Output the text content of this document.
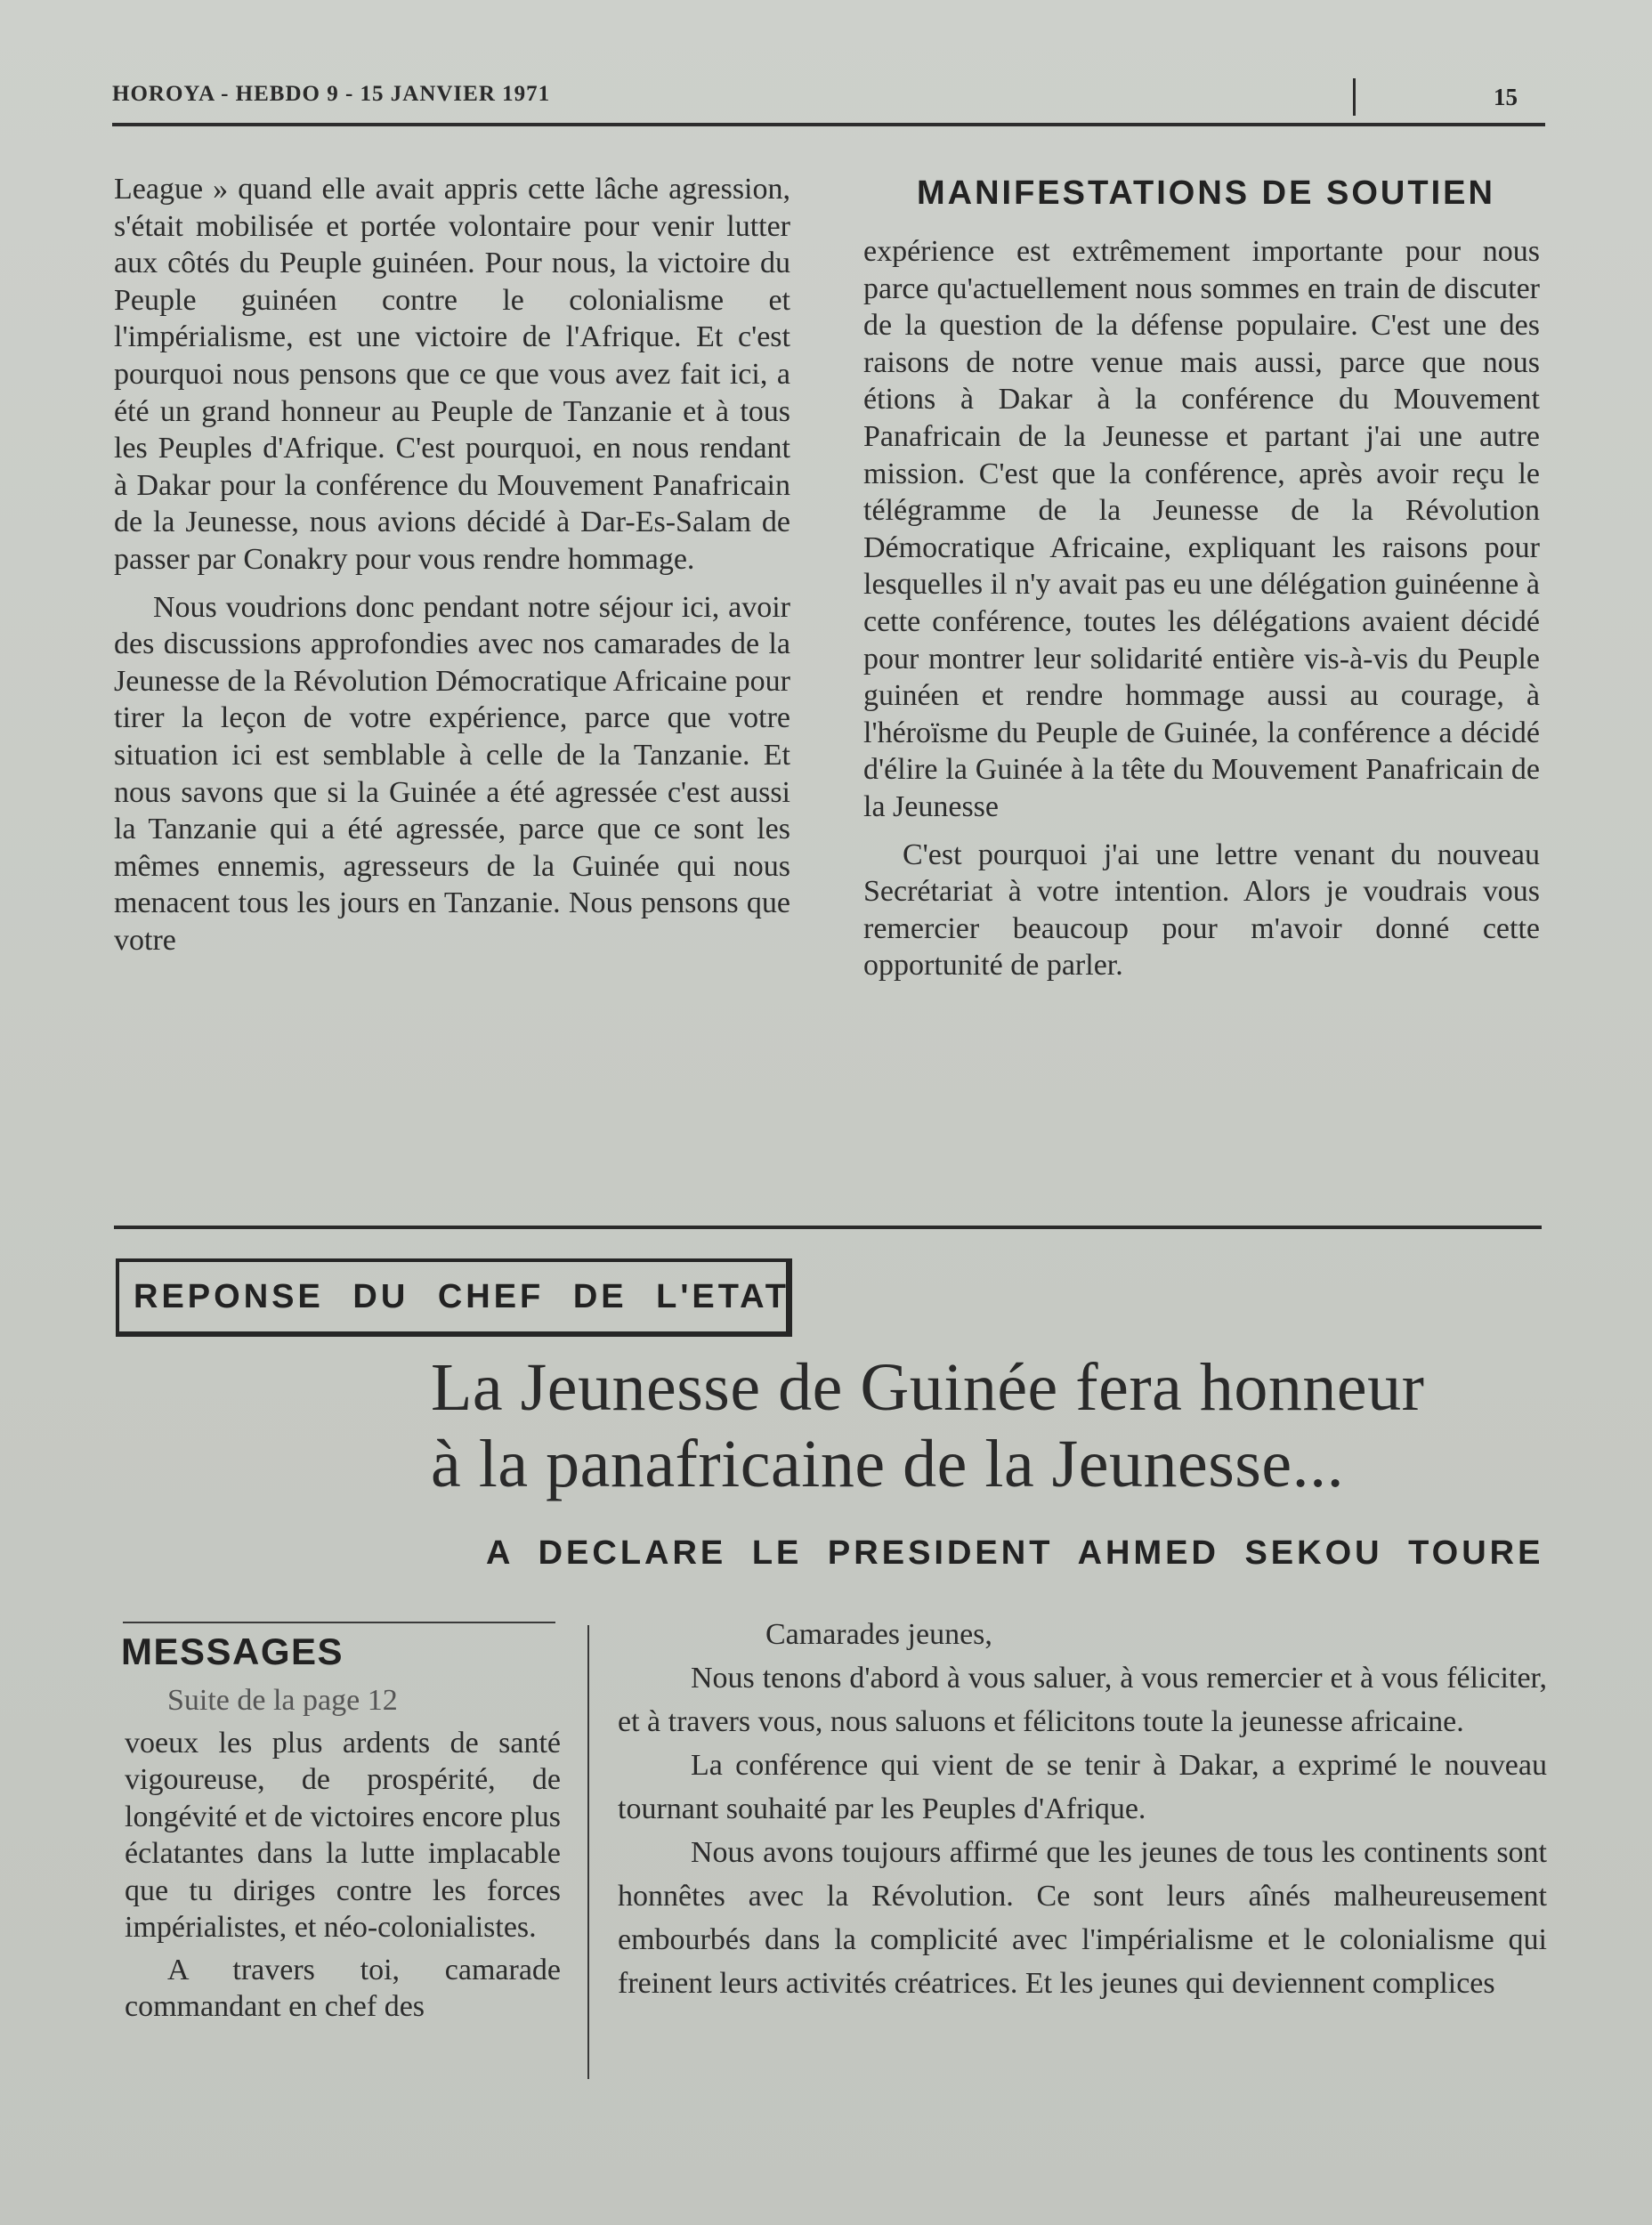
HOROYA - HEBDO 9 - 15 JANVIER 1971	15

League » quand elle avait appris cette lâche agression, s'était mobilisée et portée volontaire pour venir lutter aux côtés du Peuple guinéen. Pour nous, la victoire du Peuple guinéen contre le colonialisme et l'impérialisme, est une victoire de l'Afrique. Et c'est pourquoi nous pensons que ce que vous avez fait ici, a été un grand honneur au Peuple de Tanzanie et à tous les Peuples d'Afrique. C'est pourquoi, en nous rendant à Dakar pour la conférence du Mouvement Panafricain de la Jeunesse, nous avions décidé à Dar-Es-Salam de passer par Conakry pour vous rendre hommage.

Nous voudrions donc pendant notre séjour ici, avoir des discussions approfondies avec nos camarades de la Jeunesse de la Révolution Démocratique Africaine pour tirer la leçon de votre expérience, parce que votre situation ici est semblable à celle de la Tanzanie. Et nous savons que si la Guinée a été agressée c'est aussi la Tanzanie qui a été agressée, parce que ce sont les mêmes ennemis, agresseurs de la Guinée qui nous menacent tous les jours en Tanzanie. Nous pensons que votre

MANIFESTATIONS DE SOUTIEN

expérience est extrêmement importante pour nous parce qu'actuellement nous sommes en train de discuter de la question de la défense populaire. C'est une des raisons de notre venue mais aussi, parce que nous étions à Dakar à la conférence du Mouvement Panafricain de la Jeunesse et partant j'ai une autre mission. C'est que la conférence, après avoir reçu le télégramme de la Jeunesse de la Révolution Démocratique Africaine, expliquant les raisons pour lesquelles il n'y avait pas eu une délégation guinéenne à cette conférence, toutes les délégations avaient décidé pour montrer leur solidarité entière vis-à-vis du Peuple guinéen et rendre hommage aussi au courage, à l'héroïsme du Peuple de Guinée, la conférence a décidé d'élire la Guinée à la tête du Mouvement Panafricain de la Jeunesse

C'est pourquoi j'ai une lettre venant du nouveau Secrétariat à votre intention. Alors je voudrais vous remercier beaucoup pour m'avoir donné cette opportunité de parler.

REPONSE DU CHEF DE L'ETAT
La Jeunesse de Guinée fera honneur
à la panafricaine de la Jeunesse...
A DECLARE LE PRESIDENT AHMED SEKOU TOURE
MESSAGES

Suite de la page 12

voeux les plus ardents de santé vigoureuse, de prospérité, de longévité et de victoires encore plus éclatantes dans la lutte implacable que tu diriges contre les forces impérialistes, et néo-colonialistes.

A travers toi, camarade commandant en chef des

Camarades jeunes,

Nous tenons d'abord à vous saluer, à vous remercier et à vous féliciter, et à travers vous, nous saluons et félicitons toute la jeunesse africaine.

La conférence qui vient de se tenir à Dakar, a exprimé le nouveau tournant souhaité par les Peuples d'Afrique.

Nous avons toujours affirmé que les jeunes de tous les continents sont honnêtes avec la Révolution. Ce sont leurs aînés malheureusement embourbés dans la complicité avec l'impérialisme et le colonialisme qui freinent leurs activités créatrices. Et les jeunes qui deviennent complices
